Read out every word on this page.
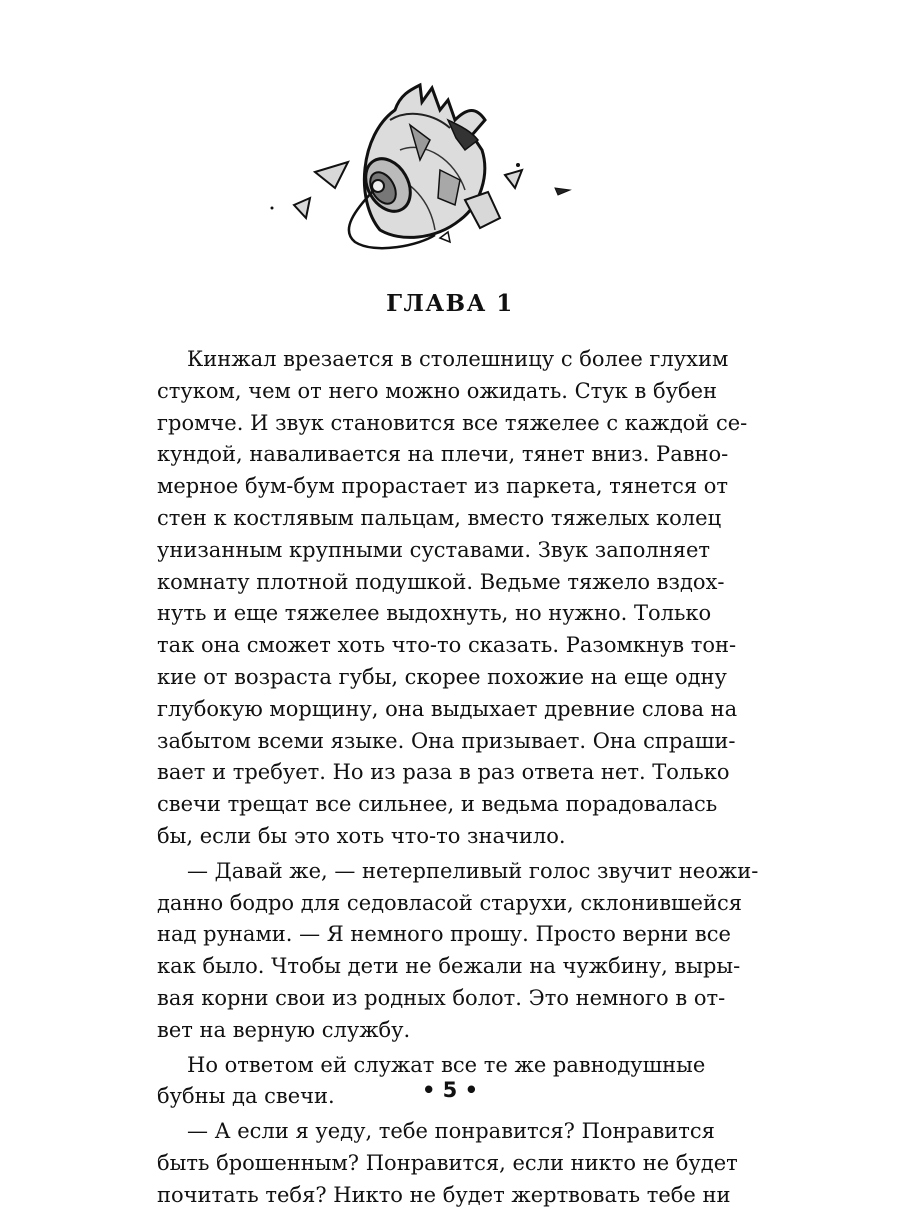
ГЛАВА 1
Кинжал врезается в столешницу с более глухим
стуком, чем от него можно ожидать. Стук в бубен
громче. И звук становится все тяжелее с каждой се-
кундой, наваливается на плечи, тянет вниз. Равно-
мерное бум-бум прорастает из паркета, тянется от
стен к костлявым пальцам, вместо тяжелых колец
унизанным крупными суставами. Звук заполняет
комнату плотной подушкой. Ведьме тяжело вздох-
нуть и еще тяжелее выдохнуть, но нужно. Только
так она сможет хоть что-то сказать. Разомкнув тон-
кие от возраста губы, скорее похожие на еще одну
глубокую морщину, она выдыхает древние слова на
забытом всеми языке. Она призывает. Она спраши-
вает и требует. Но из раза в раз ответа нет. Только
свечи трещат все сильнее, и ведьма порадовалась
бы, если бы это хоть что-то значило.
— Давай же, — нетерпеливый голос звучит неожи-
данно бодро для седовласой старухи, склонившейся
над рунами. — Я немного прошу. Просто верни все
как было. Чтобы дети не бежали на чужбину, выры-
вая корни свои из родных болот. Это немного в от-
вет на верную службу.
Но ответом ей служат все те же равнодушные
бубны да свечи.
— А если я уеду, тебе понравится? Понравится
быть брошенным? Понравится, если никто не будет
почитать тебя? Никто не будет жертвовать тебе ни
• 5 •
